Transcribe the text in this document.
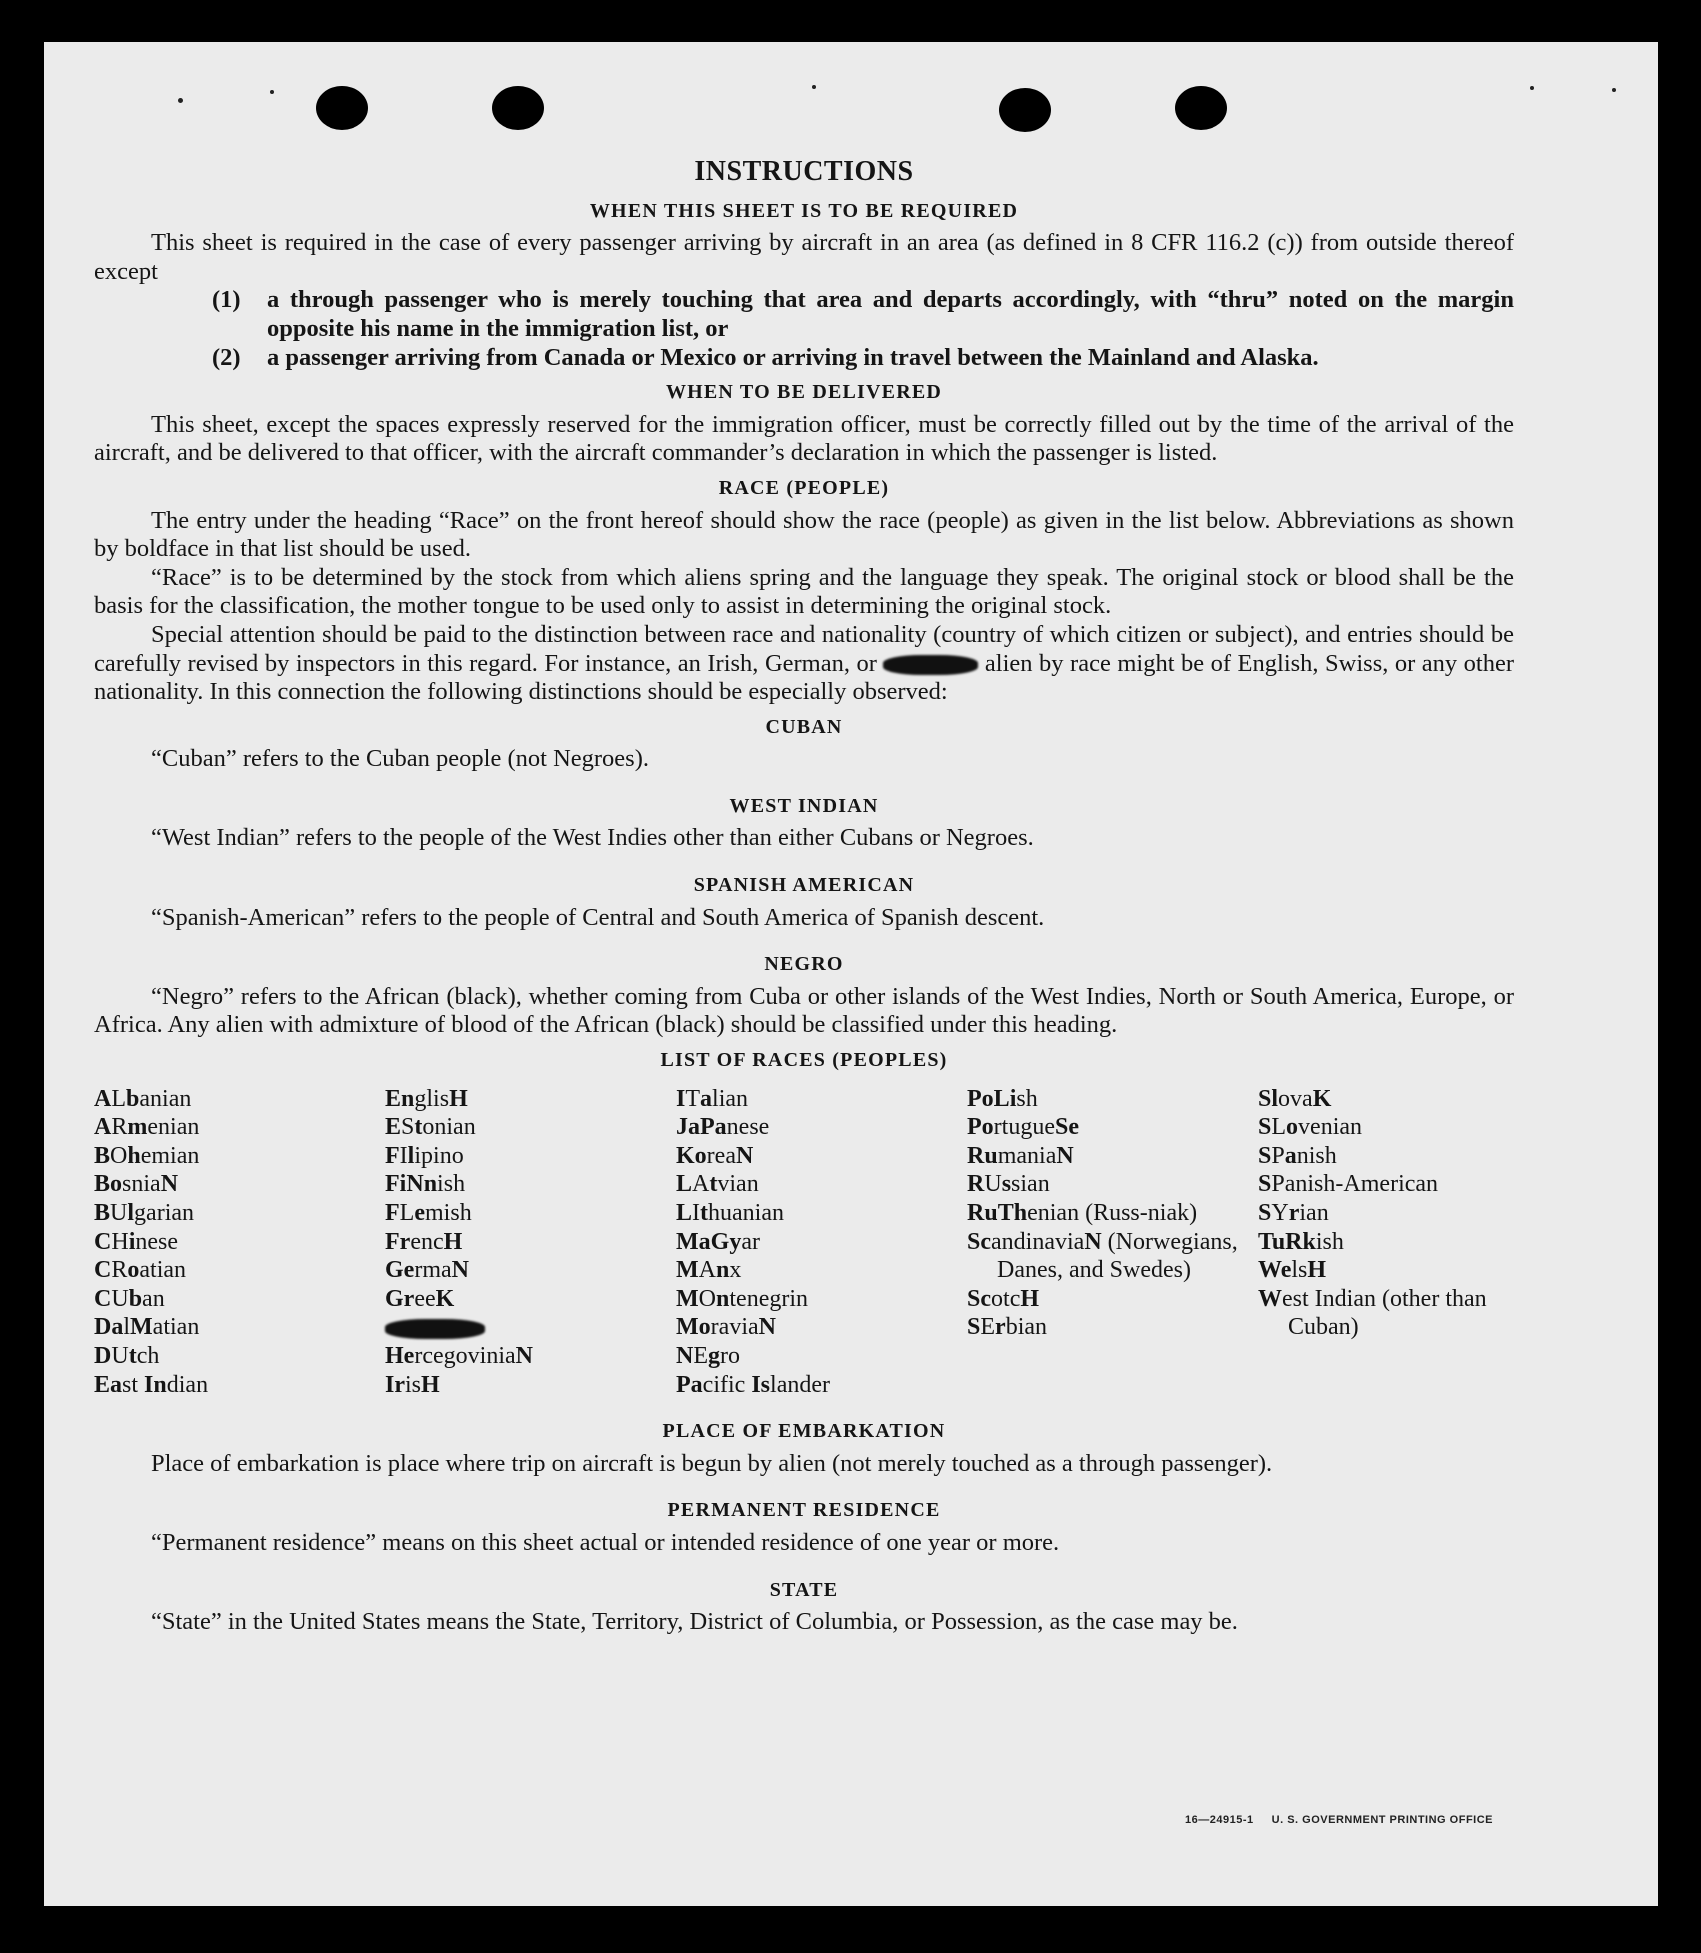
INSTRUCTIONS
WHEN THIS SHEET IS TO BE REQUIRED

This sheet is required in the case of every passenger arriving by aircraft in an area (as defined in 8 CFR 116.2 (c)) from outside thereof except

(1)	a through passenger who is merely touching that area and departs accordingly, with “thru” noted on the margin opposite his name in the immigration list, or
(2)	a passenger arriving from Canada or Mexico or arriving in travel between the Mainland and Alaska.
WHEN TO BE DELIVERED

This sheet, except the spaces expressly reserved for the immigration officer, must be correctly filled out by the time of the arrival of the aircraft, and be delivered to that officer, with the aircraft commander’s declaration in which the passenger is listed.

RACE (PEOPLE)

The entry under the heading “Race” on the front hereof should show the race (people) as given in the list below. Abbreviations as shown by boldface in that list should be used.

“Race” is to be determined by the stock from which aliens spring and the language they speak. The original stock or blood shall be the basis for the classification, the mother tongue to be used only to assist in determining the original stock.

Special attention should be paid to the distinction between race and nationality (country of which citizen or subject), and entries should be carefully revised by inspectors in this regard. For instance, an Irish, German, or	alien by race might be of English, Swiss, or any other nationality. In this connection the following distinctions should be especially observed:

CUBAN

“Cuban” refers to the Cuban people (not Negroes).

WEST INDIAN

“West Indian” refers to the people of the West Indies other than either Cubans or Negroes.

SPANISH AMERICAN

“Spanish-American” refers to the people of Central and South America of Spanish descent.

NEGRO

“Negro” refers to the African (black), whether coming from Cuba or other islands of the West Indies, North or South America, Europe, or Africa. Any alien with admixture of blood of the African (black) should be classified under this heading.

LIST OF RACES (PEOPLES)
ALbanian
ARmenian
BOhemian
BosniaN
BUlgarian
CHinese
CRoatian
CUban
DalMatian
DUtch
East Indian
EnglisH
EStonian
FIlipino
FiNnish
FLemish
FrencH
GermaN
GreeK
HercegoviniaN
IrisH
ITalian
JaPanese
KoreaN
LAtvian
LIthuanian
MaGyar
MAnx
MOntenegrin
MoraviaN
NEgro
Pacific Islander
PoLish
PortugueSe
RumaniaN
RUssian
RuThenian (Russ-niak)
ScandinaviaN (Norwegians, Danes, and Swedes)
ScotcH
SErbian
SlovaK
SLovenian
SPanish
SPanish-American
SYrian
TuRkish
WelsH
West Indian (other than Cuban)
PLACE OF EMBARKATION

Place of embarkation is place where trip on aircraft is begun by alien (not merely touched as a through passenger).

PERMANENT RESIDENCE

“Permanent residence” means on this sheet actual or intended residence of one year or more.

STATE

“State” in the United States means the State, Territory, District of Columbia, or Possession, as the case may be.

16—24915-1 U. S. GOVERNMENT PRINTING OFFICE
